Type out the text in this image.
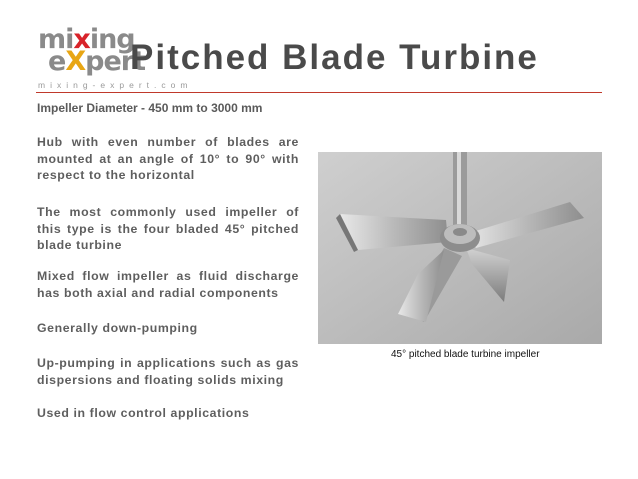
mixing
eXpert
mixing-expert.com
Pitched Blade Turbine
Impeller Diameter - 450 mm to 3000 mm

Hub with even number of blades are mounted at an angle of 10° to 90° with respect to the horizontal

The most commonly used impeller of this type is the four bladed 45° pitched blade turbine

Mixed flow impeller as fluid discharge has both axial and radial components

Generally down-pumping

Up-pumping in applications such as gas dispersions and floating solids mixing

Used in flow control applications

45° pitched blade turbine impeller
